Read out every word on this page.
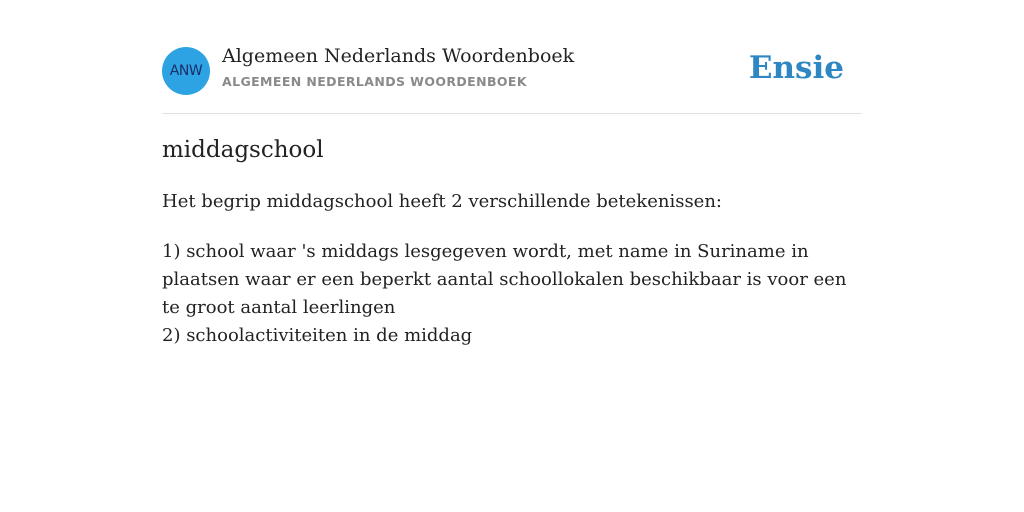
ANW
Algemeen Nederlands Woordenboek
ALGEMEEN NEDERLANDS WOORDENBOEK	Ensie
middagschool

Het begrip middagschool heeft 2 verschillende betekenissen:

1) school waar 's middags lesgegeven wordt, met name in Suriname in plaatsen waar er een beperkt aantal schoollokalen beschikbaar is voor een te groot aantal leerlingen
2) schoolactiviteiten in de middag
